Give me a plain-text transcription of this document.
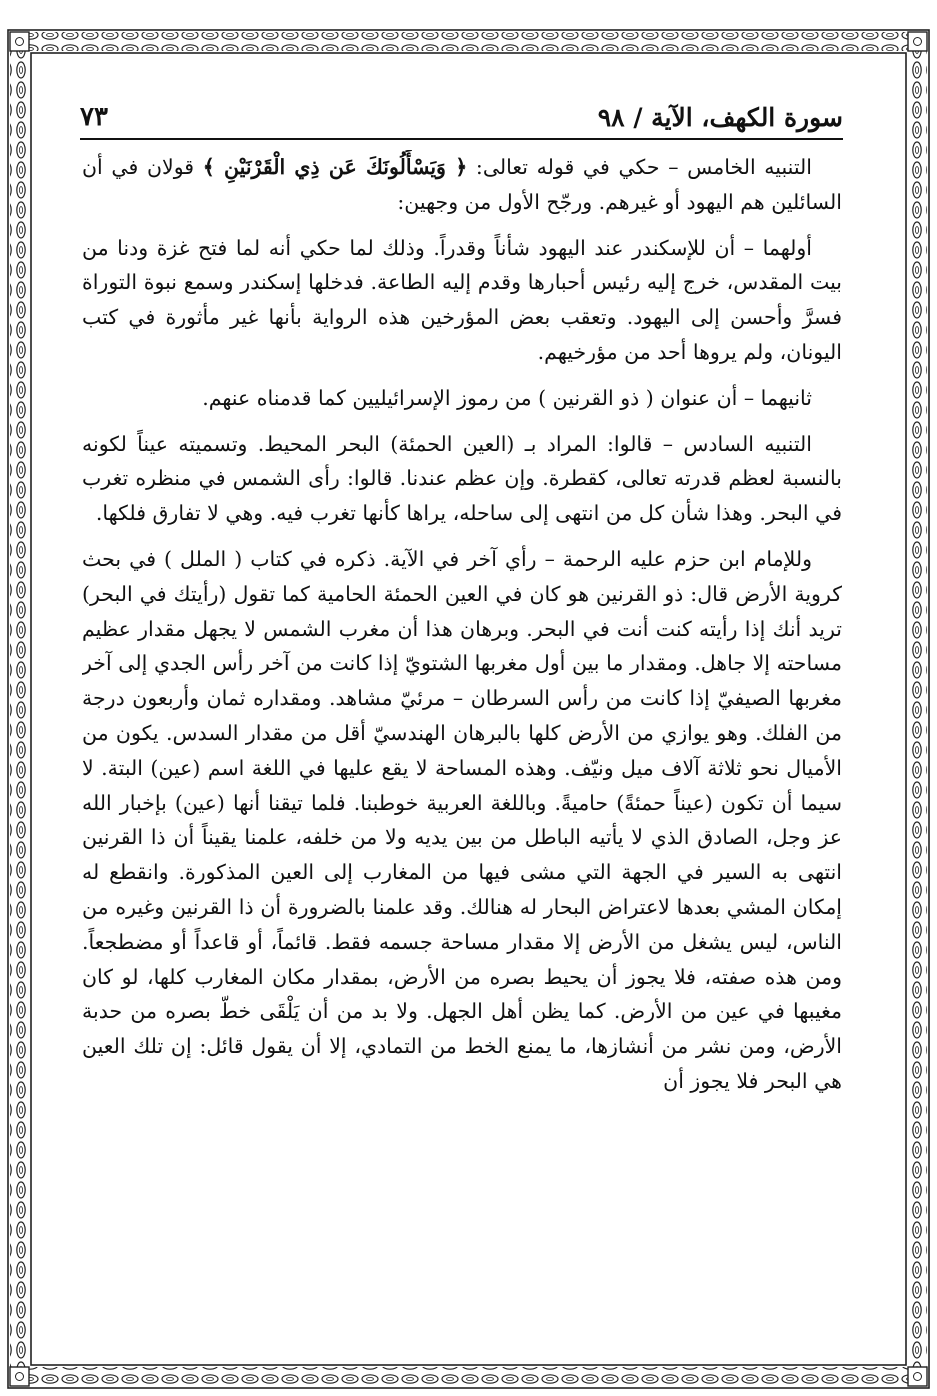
سورة الكهف، الآية / ٩٨
٧٣

التنبيه الخامس – حكي في قوله تعالى: ﴿ وَيَسْأَلُونَكَ عَن ذِي الْقَرْنَيْنِ ﴾ قولان في أن السائلين هم اليهود أو غيرهم. ورجّح الأول من وجهين:

أولهما – أن للإسكندر عند اليهود شأناً وقدراً. وذلك لما حكي أنه لما فتح غزة ودنا من بيت المقدس، خرج إليه رئيس أحبارها وقدم إليه الطاعة. فدخلها إسكندر وسمع نبوة التوراة فسرَّ وأحسن إلى اليهود. وتعقب بعض المؤرخين هذه الرواية بأنها غير مأثورة في كتب اليونان، ولم يروها أحد من مؤرخيهم.

ثانيهما – أن عنوان ( ذو القرنين ) من رموز الإسرائيليين كما قدمناه عنهم.

التنبيه السادس – قالوا: المراد بـ (العين الحمئة) البحر المحيط. وتسميته عيناً لكونه بالنسبة لعظم قدرته تعالى، كقطرة. وإن عظم عندنا. قالوا: رأى الشمس في منظره تغرب في البحر. وهذا شأن كل من انتهى إلى ساحله، يراها كأنها تغرب فيه. وهي لا تفارق فلكها.

وللإمام ابن حزم عليه الرحمة – رأي آخر في الآية. ذكره في كتاب ( الملل ) في بحث كروية الأرض قال: ذو القرنين هو كان في العين الحمئة الحامية كما تقول (رأيتك في البحر) تريد أنك إذا رأيته كنت أنت في البحر. وبرهان هذا أن مغرب الشمس لا يجهل مقدار عظيم مساحته إلا جاهل. ومقدار ما بين أول مغربها الشتويّ إذا كانت من آخر رأس الجدي إلى آخر مغربها الصيفيّ إذا كانت من رأس السرطان – مرئيّ مشاهد. ومقداره ثمان وأربعون درجة من الفلك. وهو يوازي من الأرض كلها بالبرهان الهندسيّ أقل من مقدار السدس. يكون من الأميال نحو ثلاثة آلاف ميل ونيّف. وهذه المساحة لا يقع عليها في اللغة اسم (عين) البتة. لا سيما أن تكون (عيناً حمئةً) حاميةً. وباللغة العربية خوطبنا. فلما تيقنا أنها (عين) بإخبار الله عز وجل، الصادق الذي لا يأتيه الباطل من بين يديه ولا من خلفه، علمنا يقيناً أن ذا القرنين انتهى به السير في الجهة التي مشى فيها من المغارب إلى العين المذكورة. وانقطع له إمكان المشي بعدها لاعتراض البحار له هنالك. وقد علمنا بالضرورة أن ذا القرنين وغيره من الناس، ليس يشغل من الأرض إلا مقدار مساحة جسمه فقط. قائماً، أو قاعداً أو مضطجعاً. ومن هذه صفته، فلا يجوز أن يحيط بصره من الأرض، بمقدار مكان المغارب كلها، لو كان مغيبها في عين من الأرض. كما يظن أهل الجهل. ولا بد من أن يَلْقَى خطّ بصره من حدبة الأرض، ومن نشر من أنشازها، ما يمنع الخط من التمادي، إلا أن يقول قائل: إن تلك العين هي البحر فلا يجوز أن
